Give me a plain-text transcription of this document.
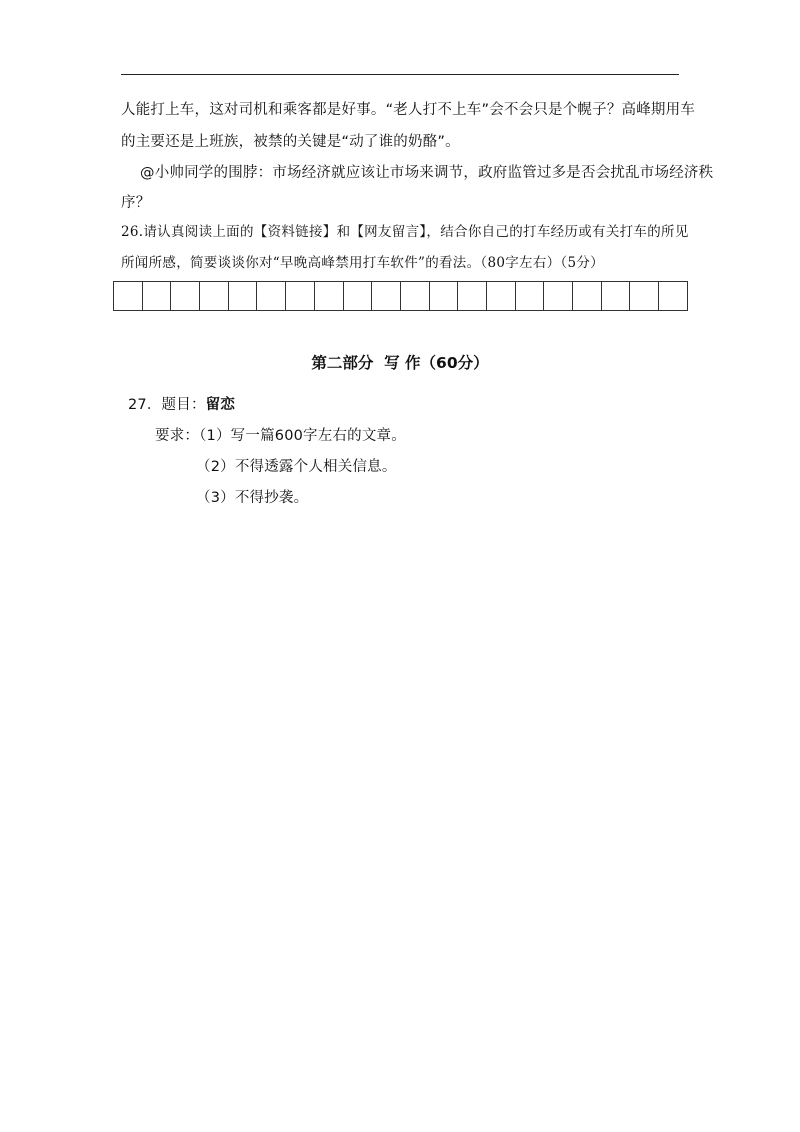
人能打上车，这对司机和乘客都是好事。“老人打不上车”会不会只是个幌子？高峰期用车
的主要还是上班族，被禁的关键是“动了谁的奶酪”。
@小帅同学的围脖：市场经济就应该让市场来调节，政府监管过多是否会扰乱市场经济秩
序？
26.请认真阅读上面的【资料链接】和【网友留言】，结合你自己的打车经历或有关打车的所见
所闻所感，简要谈谈你对“早晚高峰禁用打车软件”的看法。（80字左右）（5分）
第二部分  写 作（60分）
27．题目：留恋
要求：（1）写一篇600字左右的文章。
（2）不得透露个人相关信息。
（3）不得抄袭。
